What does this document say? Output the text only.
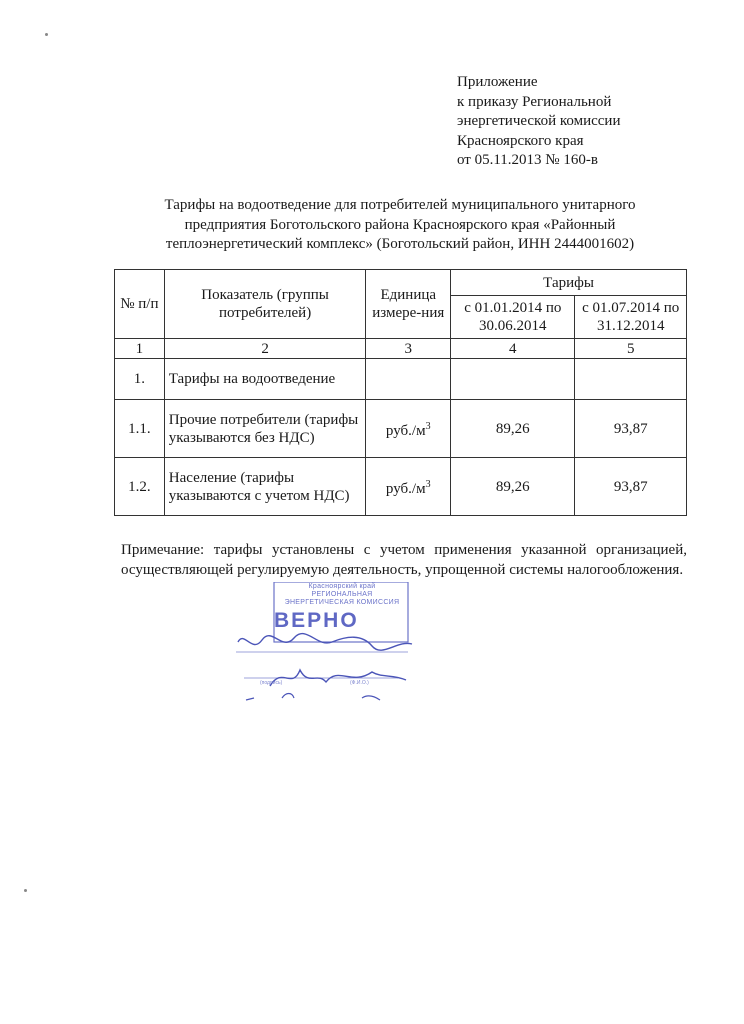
Приложение
к приказу Региональной
энергетической комиссии
Красноярского края
от 05.11.2013 № 160-в
Тарифы на водоотведение для потребителей муниципального унитарного
предприятия Боготольского района Красноярского края «Районный
теплоэнергетический комплекс» (Боготольский район, ИНН 2444001602)
№ п/п	Показатель (группы потребителей)	Единица измере-ния	Тарифы	
			с 01.01.2014 по 30.06.2014	с 01.07.2014 по 31.12.2014
1	2	3	4	5
1.	Тарифы на водоотведение			
1.1.	Прочие потребители (тарифы указываются без НДС)	$руб./м^3$	89,26	93,87
1.2.	Население (тарифы указываются с учетом НДС)	$руб./м^3$	89,26	93,87
Примечание: тарифы установлены с учетом применения указанной организацией, осуществляющей регулируемую деятельность, упрощенной системы налогообложения.
Красноярский край РЕГИОНАЛЬНАЯ ЭНЕРГЕТИЧЕСКАЯ КОМИССИЯ
ВЕРНО
(подпись)	(Ф.И.О.)
